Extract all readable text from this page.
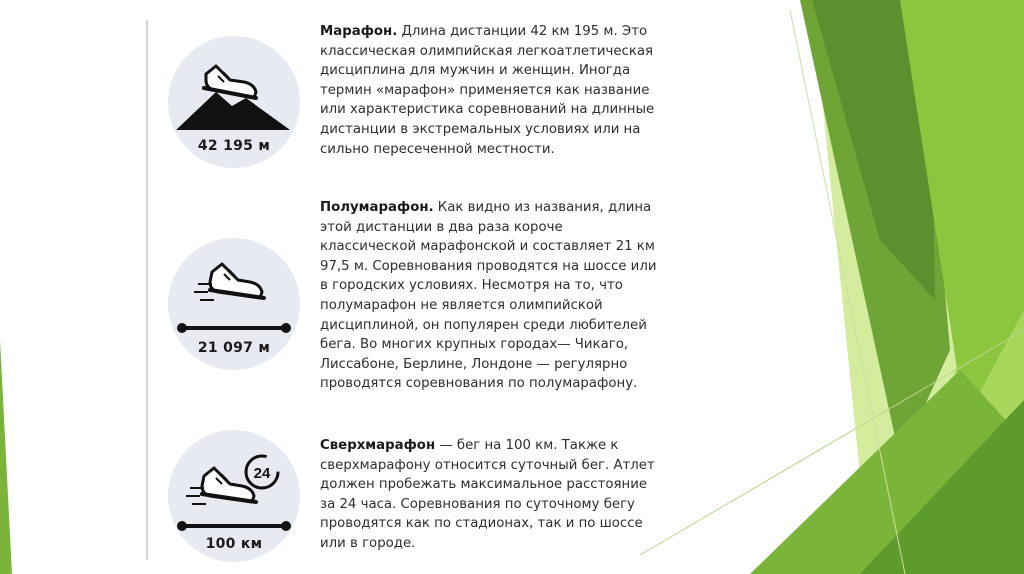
42 195 м
Марафон. Длина дистанции 42 км 195 м. Это классическая олимпийская легкоатлетическая дисциплина для мужчин и женщин. Иногда термин «марафон» применяется как название или характеристика соревнований на длинные дистанции в экстремальных условиях или на сильно пересеченной местности.
21 097 м
Полумарафон. Как видно из названия, длина этой дистанции в два раза короче классической марафонской и составляет 21 км 97,5 м. Соревнования проводятся на шоссе или в городских условиях. Несмотря на то, что полумарафон не является олимпийской дисциплиной, он популярен среди любителей бега. Во многих крупных городах— Чикаго, Лиссабоне, Берлине, Лондоне — регулярно проводятся соревнования по полумарафону.
24
100 км
Сверхмарафон — бег на 100 км. Также к сверхмарафону относится суточный бег. Атлет должен пробежать максимальное расстояние за 24 часа. Соревнования по суточному бегу проводятся как по стадионах, так и по шоссе или в городе.
